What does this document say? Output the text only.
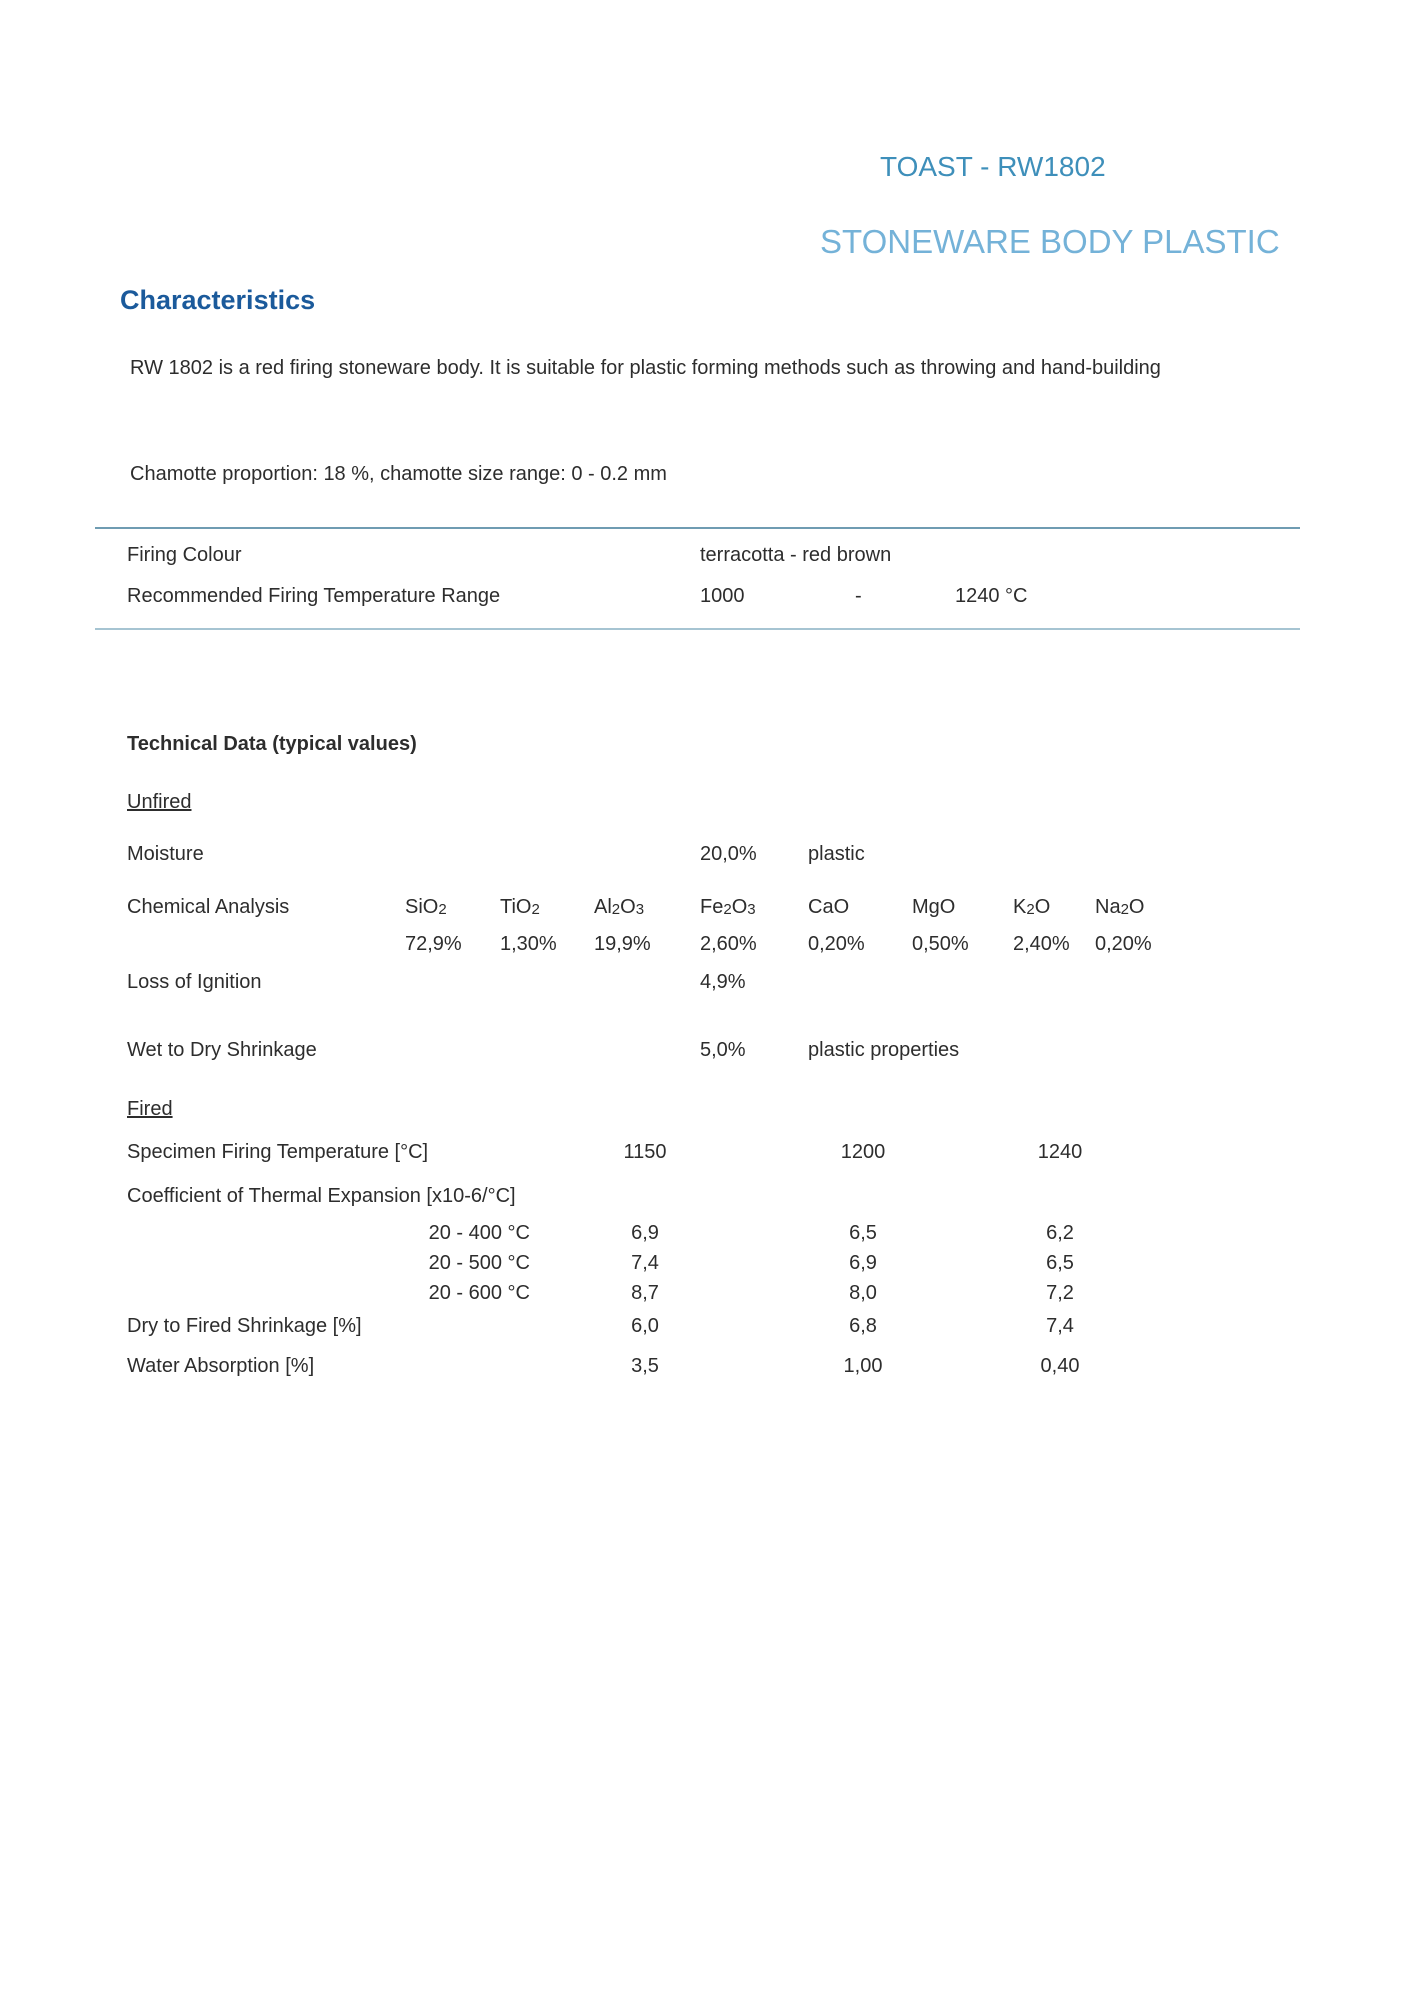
TOAST - RW1802
STONEWARE BODY PLASTIC
Characteristics
RW 1802 is a red firing stoneware body. It is suitable for plastic forming methods such as throwing and hand-building
Chamotte proportion: 18 %, chamotte size range: 0 - 0.2 mm
Firing Colour	terracotta - red brown
Recommended Firing Temperature Range	1000	-	1240 °C
Technical Data (typical values)
Unfired
Moisture	20,0%	plastic
Chemical Analysis	SiO2	TiO2	Al2O3	Fe2O3	CaO	MgO	K2O Na2O
72,9% 1,30% 19,9% 2,60%	0,20% 0,50% 2,40% 0,20%
Loss of Ignition	4,9%
Wet to Dry Shrinkage	5,0%	plastic properties
Fired
Specimen Firing Temperature [°C]	1150	1200	1240
Coefficient of Thermal Expansion [x10-6/°C]
20 - 400 °C	6,9	6,5	6,2
20 - 500 °C	7,4	6,9	6,5
20 - 600 °C	8,7	8,0	7,2
Dry to Fired Shrinkage [%]	6,0	6,8	7,4
Water Absorption [%]	3,5	1,00	0,40
